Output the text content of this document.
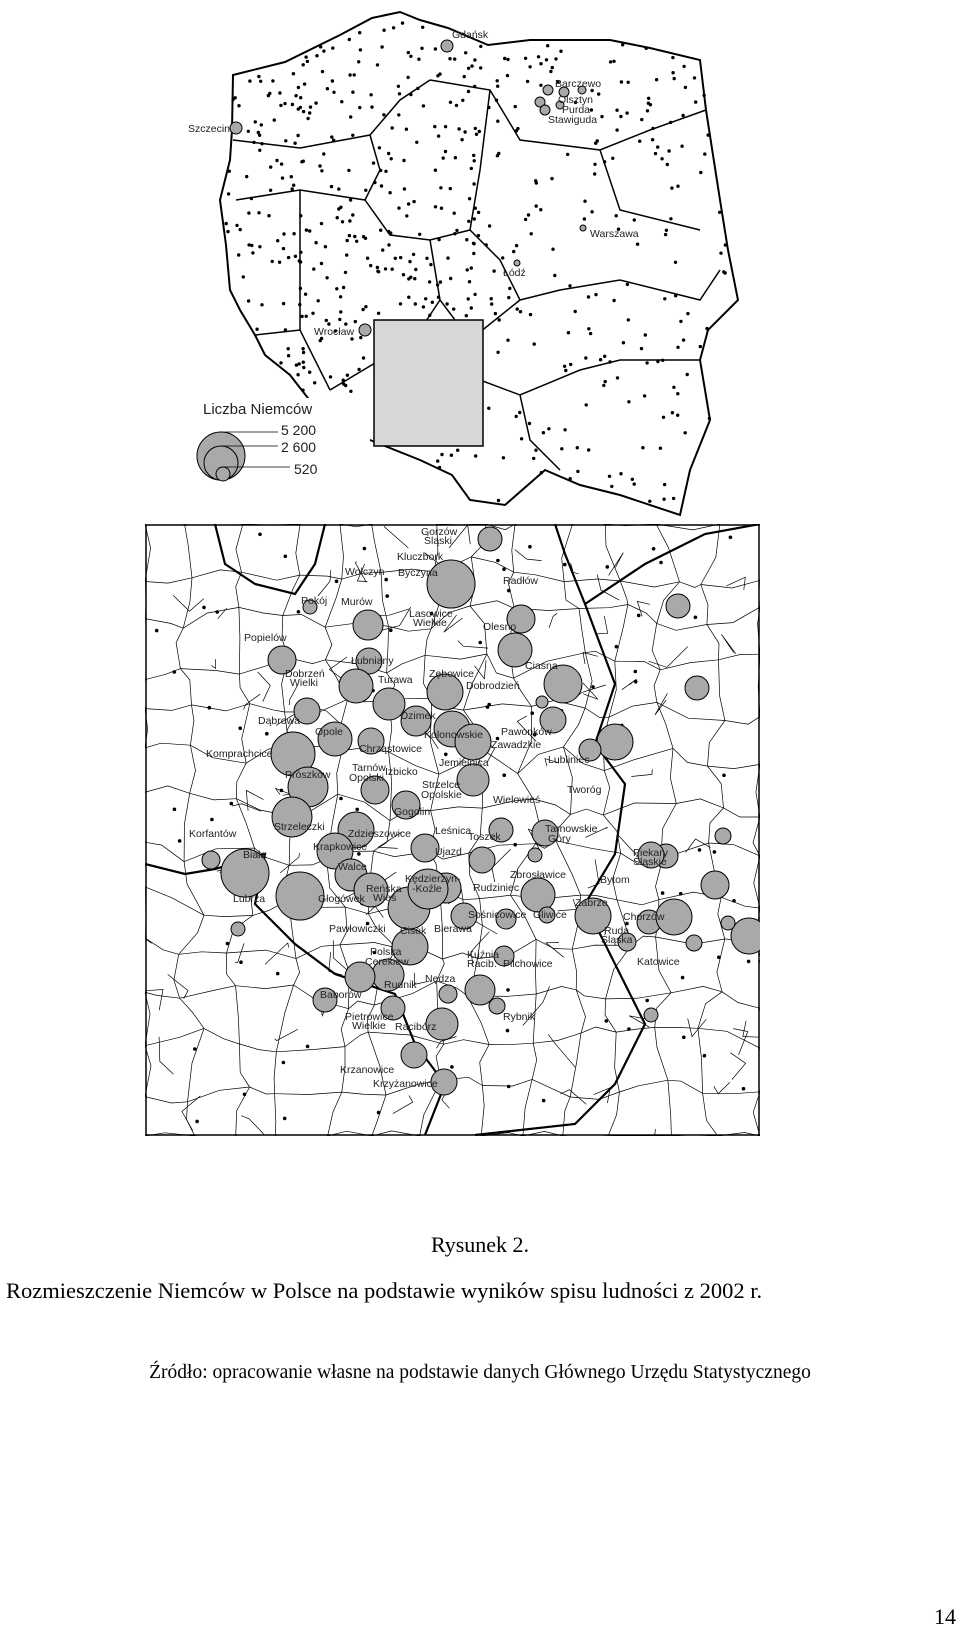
Gdańsk
Szczecin
Barczewo
Olsztyn
Purda
Stawiguda
Warszawa
Łódź
Wrocław
Liczba Niemców
5 200
2 600
520
Gorzów
Śląski
Kluczbork
Wołczyn Byczyna
Radłów
Pokój Murów
Lasowice
Wielkie	Olesno
Popielów
Łubniany
Zębowice
Ciasna
Dobrzeń
Wielki	Turawa	Dobrodzień
Ozimek
Dąbrowa
Opole	Kolonowskie Pawonków
Chrząstowice	Zawadzkie
Komprachcice	Lubliniec
Tarnów
Opolski
Jemielnica
Prószków	Izbicko
Strzelce
Opolskie	Tworóg
Wielowieś
Gogolin
Strzeleczki
Zdzieszowice Leśnica
Toszek
Tarnowskie
Góry
Korfantów
Krapkowice	Ujazd	Piekary
Śląskie
Biała
Walce
Zbrosławice	Bytom
Reńska
Wieś
Kędzierzyn-
-Koźle	Rudziniec
Lubrza	Głogówek	Zabrze
Sośnicowice Gliwice	Chorzów
Pawłowiczki Cisek Bierawa	Ruda
Śląska
Polska
Cerekiew
Kuźnia
Racib. Pilchowice	Katowice
Nędza
Baborów
Rudnik
Pietrowice
Wielkie Racibórz
Rybnik
Krzanowice
Krzyżanowice
Rysunek 2.
Rozmieszczenie Niemców w Polsce na podstawie wyników spisu ludności z 2002 r.
Źródło: opracowanie własne na podstawie danych Głównego Urzędu Statystycznego
14
